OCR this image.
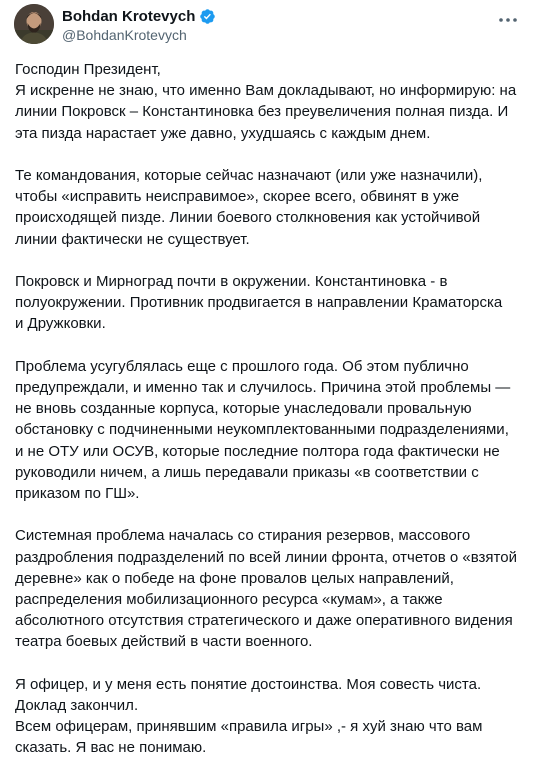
Bohdan Krotevych
@BohdanKrotevych
Господин Президент,
Я искренне не знаю, что именно Вам докладывают, но информирую: на
линии Покровск – Константиновка без преувеличения полная пизда. И
эта пизда нарастает уже давно, ухудшаясь с каждым днем.
Те командования, которые сейчас назначают (или уже назначили),
чтобы «исправить неисправимое», скорее всего, обвинят в уже
происходящей пизде. Линии боевого столкновения как устойчивой
линии фактически не существует.
Покровск и Мирноград почти в окружении. Константиновка - в
полуокружении. Противник продвигается в направлении Краматорска
и Дружковки.
Проблема усугублялась еще с прошлого года. Об этом публично
предупреждали, и именно так и случилось. Причина этой проблемы —
не вновь созданные корпуса, которые унаследовали провальную
обстановку с подчиненными неукомплектованными подразделениями,
и не ОТУ или ОСУВ, которые последние полтора года фактически не
руководили ничем, а лишь передавали приказы «в соответствии с
приказом по ГШ».
Системная проблема началась со стирания резервов, массового
раздробления подразделений по всей линии фронта, отчетов о «взятой
деревне» как о победе на фоне провалов целых направлений,
распределения мобилизационного ресурса «кумам», а также
абсолютного отсутствия стратегического и даже оперативного видения
театра боевых действий в части военного.
Я офицер, и у меня есть понятие достоинства. Моя совесть чиста.
Доклад закончил.
Всем офицерам, принявшим «правила игры» ,- я хуй знаю что вам
сказать. Я вас не понимаю.
